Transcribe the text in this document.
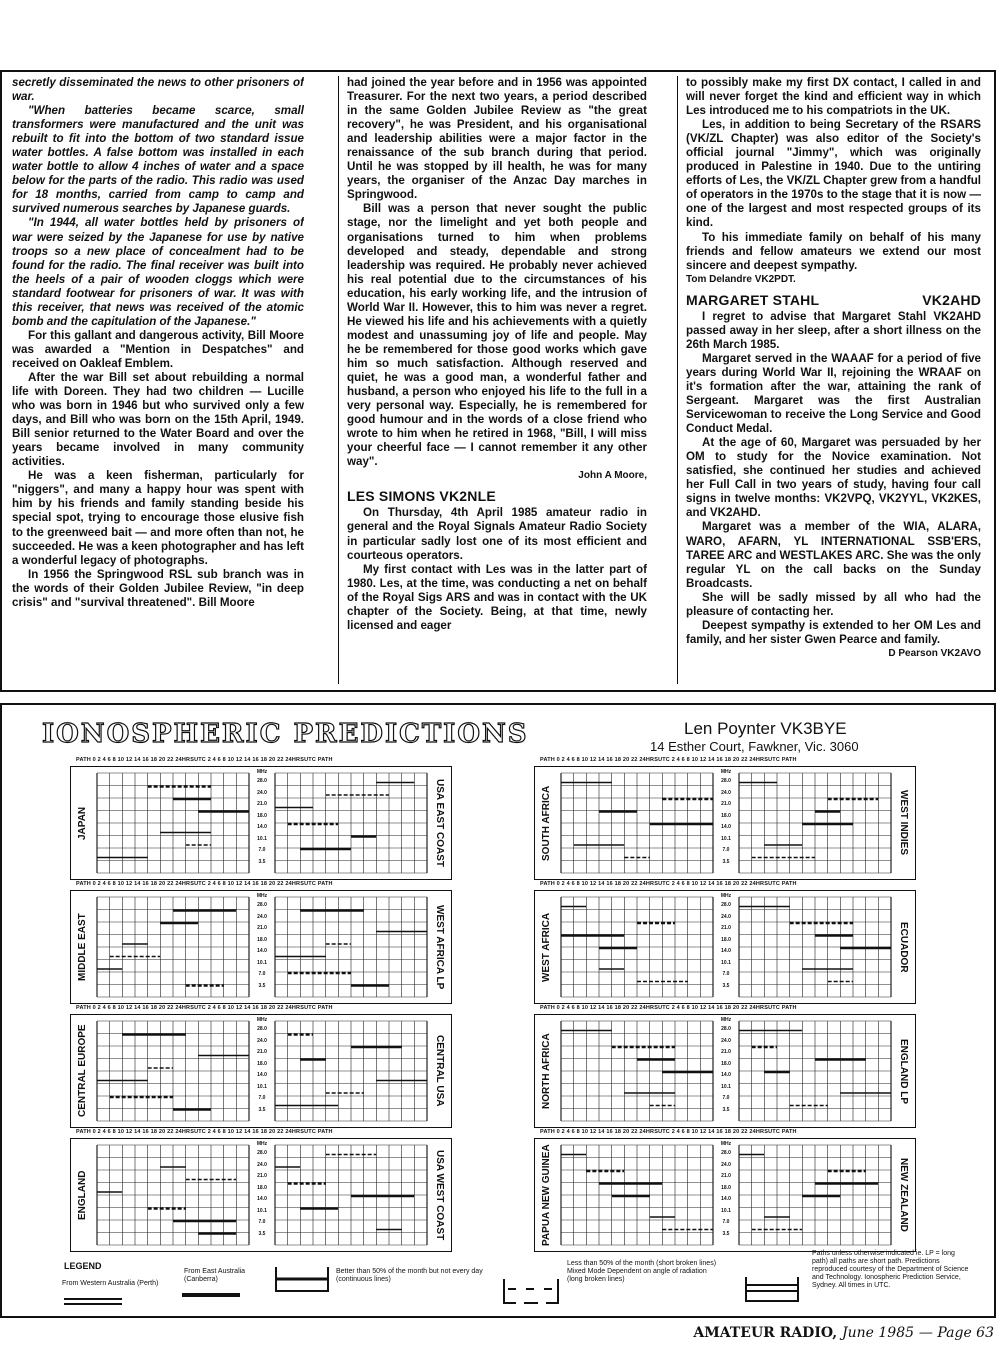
secretly disseminated the news to other prisoners of war.

"When batteries became scarce, small transformers were manufactured and the unit was rebuilt to fit into the bottom of two standard issue water bottles. A false bottom was installed in each water bottle to allow 4 inches of water and a space below for the parts of the radio. This radio was used for 18 months, carried from camp to camp and survived numerous searches by Japanese guards.

"In 1944, all water bottles held by prisoners of war were seized by the Japanese for use by native troops so a new place of concealment had to be found for the radio. The final receiver was built into the heels of a pair of wooden cloggs which were standard footwear for prisoners of war. It was with this receiver, that news was received of the atomic bomb and the capitulation of the Japanese."

For this gallant and dangerous activity, Bill Moore was awarded a "Mention in Despatches" and received on Oakleaf Emblem.

After the war Bill set about rebuilding a normal life with Doreen. They had two children — Lucille who was born in 1946 but who survived only a few days, and Bill who was born on the 15th April, 1949. Bill senior returned to the Water Board and over the years became involved in many community activities.

He was a keen fisherman, particularly for "niggers", and many a happy hour was spent with him by his friends and family standing beside his special spot, trying to encourage those elusive fish to the greenweed bait — and more often than not, he succeeded. He was a keen photographer and has left a wonderful legacy of photographs.

In 1956 the Springwood RSL sub branch was in the words of their Golden Jubilee Review, "in deep crisis" and "survival threatened". Bill Moore

had joined the year before and in 1956 was appointed Treasurer. For the next two years, a period described in the same Golden Jubilee Review as "the great recovery", he was President, and his organisational and leadership abilities were a major factor in the renaissance of the sub branch during that period. Until he was stopped by ill health, he was for many years, the organiser of the Anzac Day marches in Springwood.

Bill was a person that never sought the public stage, nor the limelight and yet both people and organisations turned to him when problems developed and steady, dependable and strong leadership was required. He probably never achieved his real potential due to the circumstances of his education, his early working life, and the intrusion of World War II. However, this to him was never a regret. He viewed his life and his achievements with a quietly modest and unassuming joy of life and people. May he be remembered for those good works which gave him so much satisfaction. Although reserved and quiet, he was a good man, a wonderful father and husband, a person who enjoyed his life to the full in a very personal way. Especially, he is remembered for good humour and in the words of a close friend who wrote to him when he retired in 1968, "Bill, I will miss your cheerful face — I cannot remember it any other way".

John A Moore,

LES SIMONS VK2NLE

On Thursday, 4th April 1985 amateur radio in general and the Royal Signals Amateur Radio Society in particular sadly lost one of its most efficient and courteous operators.

My first contact with Les was in the latter part of 1980. Les, at the time, was conducting a net on behalf of the Royal Sigs ARS and was in contact with the UK chapter of the Society. Being, at that time, newly licensed and eager

to possibly make my first DX contact, I called in and will never forget the kind and efficient way in which Les introduced me to his compatriots in the UK.

Les, in addition to being Secretary of the RSARS (VK/ZL Chapter) was also editor of the Society's official journal "Jimmy", which was originally produced in Palestine in 1940. Due to the untiring efforts of Les, the VK/ZL Chapter grew from a handful of operators in the 1970s to the stage that it is now — one of the largest and most respected groups of its kind.

To his immediate family on behalf of his many friends and fellow amateurs we extend our most sincere and deepest sympathy.

Tom Delandre VK2PDT.

MARGARET STAHL	VK2AHD

I regret to advise that Margaret Stahl VK2AHD passed away in her sleep, after a short illness on the 26th March 1985.

Margaret served in the WAAAF for a period of five years during World War II, rejoining the WRAAF on it's formation after the war, attaining the rank of Sergeant. Margaret was the first Australian Servicewoman to receive the Long Service and Good Conduct Medal.

At the age of 60, Margaret was persuaded by her OM to study for the Novice examination. Not satisfied, she continued her studies and achieved her Full Call in two years of study, having four call signs in twelve months: VK2VPQ, VK2YYL, VK2KES, and VK2AHD.

Margaret was a member of the WIA, ALARA, WARO, AFARN, YL INTERNATIONAL SSB'ERS, TAREE ARC and WESTLAKES ARC. She was the only regular YL on the call backs on the Sunday Broadcasts.

She will be sadly missed by all who had the pleasure of contacting her.

Deepest sympathy is extended to her OM Les and family, and her sister Gwen Pearce and family.

D Pearson VK2AVO

IONOSPHERIC PREDICTIONS	Len Poynter VK3BYE
14 Esther Court, Fawkner, Vic. 3060
PATH 0 2 4 6 8 10 12 14 16 18 20 22 24HRSUTC 2 4 6 8 10 12 14 16 18 20 22 24HRSUTC PATH
JAPAN	USA EAST COAST
MHz
28.0
24.0
21.0
18.0
14.0
10.1
7.0
3.5
PATH 0 2 4 6 8 10 12 14 16 18 20 22 24HRSUTC 2 4 6 8 10 12 14 16 18 20 22 24HRSUTC PATH
MIDDLE EAST	WEST AFRICA LP
MHz
28.0
24.0
21.0
18.0
14.0
10.1
7.0
3.5
PATH 0 2 4 6 8 10 12 14 16 18 20 22 24HRSUTC 2 4 6 8 10 12 14 16 18 20 22 24HRSUTC PATH
CENTRAL EUROPE	CENTRAL USA
MHz
28.0
24.0
21.0
18.0
14.0
10.1
7.0
3.5
PATH 0 2 4 6 8 10 12 14 16 18 20 22 24HRSUTC 2 4 6 8 10 12 14 16 18 20 22 24HRSUTC PATH
ENGLAND	USA WEST COAST
MHz
28.0
24.0
21.0
18.0
14.0
10.1
7.0
3.5
PATH 0 2 4 6 8 10 12 14 16 18 20 22 24HRSUTC 2 4 6 8 10 12 14 16 18 20 22 24HRSUTC PATH
SOUTH AFRICA	WEST INDIES
MHz
28.0
24.0
21.0
18.0
14.0
10.1
7.0
3.5
PATH 0 2 4 6 8 10 12 14 16 18 20 22 24HRSUTC 2 4 6 8 10 12 14 16 18 20 22 24HRSUTC PATH
WEST AFRICA	ECUADOR
MHz
28.0
24.0
21.0
18.0
14.0
10.1
7.0
3.5
PATH 0 2 4 6 8 10 12 14 16 18 20 22 24HRSUTC 2 4 6 8 10 12 14 16 18 20 22 24HRSUTC PATH
NORTH AFRICA	ENGLAND LP
MHz
28.0
24.0
21.0
18.0
14.0
10.1
7.0
3.5
PATH 0 2 4 6 8 10 12 14 16 18 20 22 24HRSUTC 2 4 6 8 10 12 14 16 18 20 22 24HRSUTC PATH
PAPUA NEW GUINEA	NEW ZEALAND
MHz
28.0
24.0
21.0
18.0
14.0
10.1
7.0
3.5
LEGEND
From Western Australia (Perth)
From East Australia (Canberra)
Better than 50% of the month but not every day (continuous lines)
Less than 50% of the month (short broken lines) Mixed Mode Dependent on angle of radiation (long broken lines)
Paths unless otherwise indicated ie. LP = long path) all paths are short path. Predictions reproduced courtesy of the Department of Science and Technology. Ionospheric Prediction Service, Sydney. All times in UTC.
AMATEUR RADIO, June 1985 — Page 63
